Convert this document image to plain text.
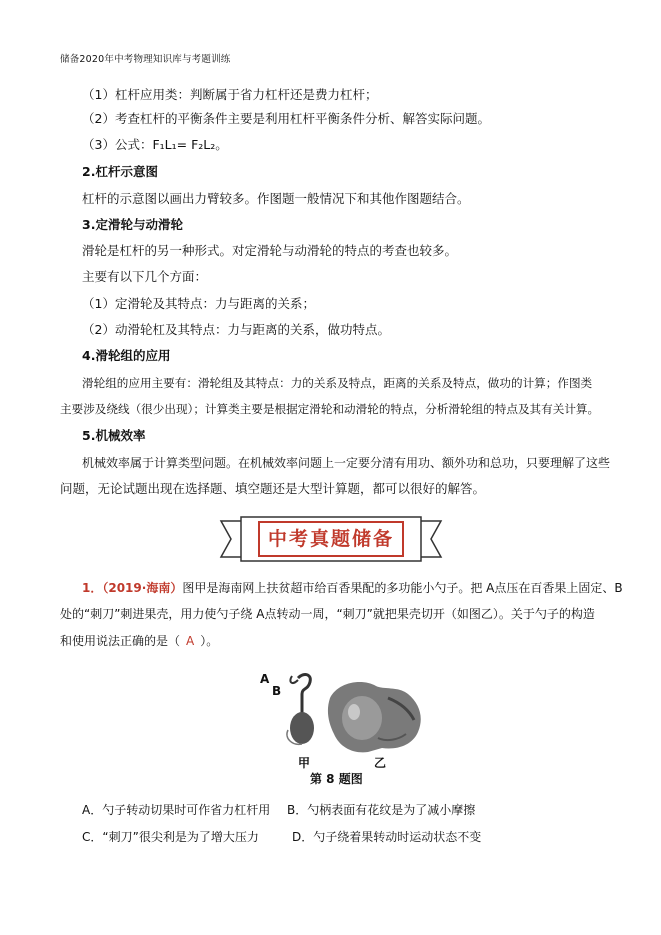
储备2020年中考物理知识库与考题训练
（1）杠杆应用类：判断属于省力杠杆还是费力杠杆；
（2）考查杠杆的平衡条件主要是利用杠杆平衡条件分析、解答实际问题。
（3）公式：F₁L₁= F₂L₂。
2.杠杆示意图
杠杆的示意图以画出力臂较多。作图题一般情况下和其他作图题结合。
3.定滑轮与动滑轮
滑轮是杠杆的另一种形式。对定滑轮与动滑轮的特点的考查也较多。
主要有以下几个方面：
（1）定滑轮及其特点：力与距离的关系；
（2）动滑轮杠及其特点：力与距离的关系，做功特点。
4.滑轮组的应用
滑轮组的应用主要有：滑轮组及其特点：力的关系及特点，距离的关系及特点，做功的计算；作图类
主要涉及绕线（很少出现）；计算类主要是根据定滑轮和动滑轮的特点，分析滑轮组的特点及其有关计算。
5.机械效率
机械效率属于计算类型问题。在机械效率问题上一定要分清有用功、额外功和总功，只要理解了这些
问题，无论试题出现在选择题、填空题还是大型计算题，都可以很好的解答。
中考真题储备
1．（2019·海南）图甲是海南网上扶贫超市给百香果配的多功能小勺子。把 A点压在百香果上固定、B
处的“刺刀”刺进果壳，用力使勺子绕 A点转动一周，“刺刀”就把果壳切开（如图乙）。关于勺子的构造
和使用说法正确的是（ A ）。
A
B
甲	乙
第 8 题图
A．勺子转动切果时可作省力杠杆用 B．勺柄表面有花纹是为了减小摩擦
C．“刺刀”很尖利是为了增大压力	D．勺子绕着果转动时运动状态不变
